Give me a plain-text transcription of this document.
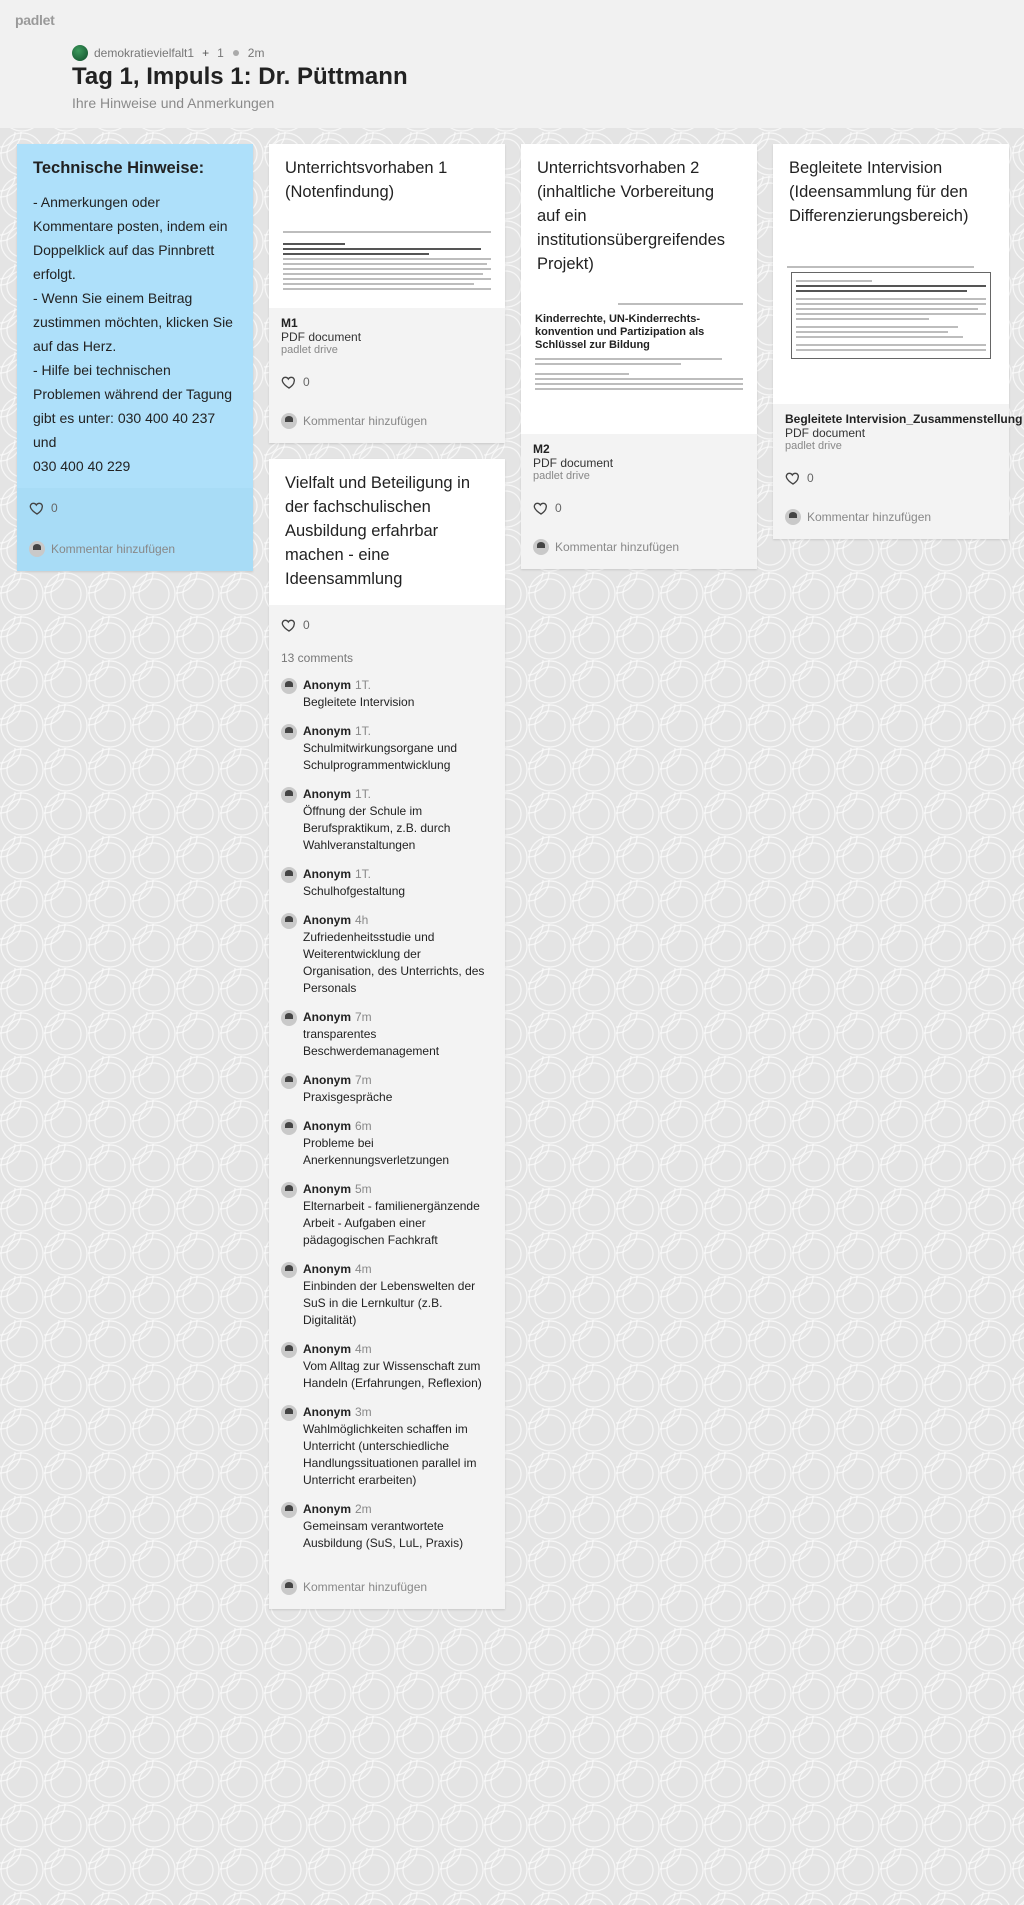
padlet
demokratievielfalt1 + 1 2m
Tag 1, Impuls 1: Dr. Püttmann
Ihre Hinweise und Anmerkungen
Technische Hinweise:
- Anmerkungen oder Kommentare posten, indem ein Doppelklick auf das Pinnbrett erfolgt.
- Wenn Sie einem Beitrag zustimmen möchten, klicken Sie auf das Herz.
- Hilfe bei technischen Problemen während der Tagung gibt es unter: 030 400 40 237 und
030 400 40 229
0
Kommentar hinzufügen
Unterrichtsvorhaben 1 (Notenfindung)
M1
PDF document
padlet drive
0
Kommentar hinzufügen
Vielfalt und Beteiligung in der fachschulischen Ausbildung erfahrbar machen - eine Ideensammlung
0
13 comments
Anonym 1T.
Begleitete Intervision
Anonym 1T.
Schulmitwirkungsorgane und Schulprogrammentwicklung
Anonym 1T.
Öffnung der Schule im Berufspraktikum, z.B. durch Wahlveranstaltungen
Anonym 1T.
Schulhofgestaltung
Anonym 4h
Zufriedenheitsstudie und Weiterentwicklung der Organisation, des Unterrichts, des Personals
Anonym 7m
transparentes Beschwerdemanagement
Anonym 7m
Praxisgespräche
Anonym 6m
Probleme bei Anerkennungsverletzungen
Anonym 5m
Elternarbeit - familienergänzende Arbeit - Aufgaben einer pädagogischen Fachkraft
Anonym 4m
Einbinden der Lebenswelten der SuS in die Lernkultur (z.B. Digitalität)
Anonym 4m
Vom Alltag zur Wissenschaft zum Handeln (Erfahrungen, Reflexion)
Anonym 3m
Wahlmöglichkeiten schaffen im Unterricht (unterschiedliche Handlungssituationen parallel im Unterricht erarbeiten)
Anonym 2m
Gemeinsam verantwortete Ausbildung (SuS, LuL, Praxis)
Kommentar hinzufügen
Unterrichtsvorhaben 2 (inhaltliche Vorbereitung auf ein institutionsübergreifendes Projekt)
Kinderrechte, UN-Kinderrechts-konvention und Partizipation als Schlüssel zur Bildung
M2
PDF document
padlet drive
0
Kommentar hinzufügen
Begleitete Intervision (Ideensammlung für den Differenzierungsbereich)
Begleitete Intervision_Zusammenstellung
PDF document
padlet drive
0
Kommentar hinzufügen
